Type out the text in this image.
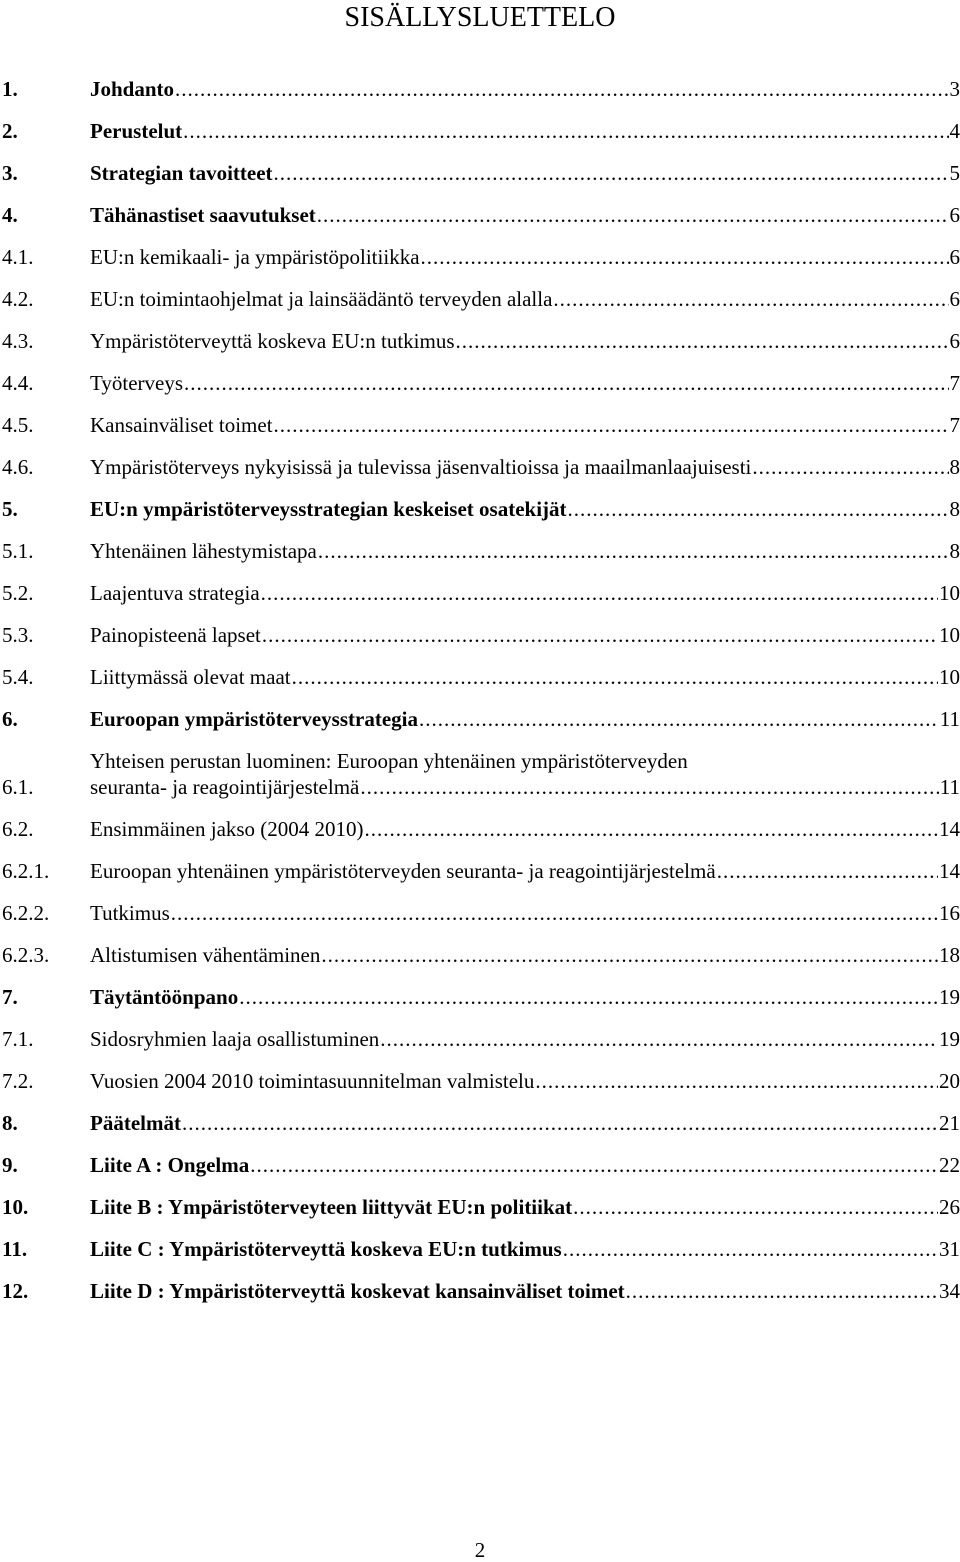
SISÄLLYSLUETTELO
1.	Johdanto .....	3
2.	Perustelut .....	4
3.	Strategian tavoitteet .....	5
4.	Tähänastiset saavutukset .....	6
4.1.	EU:n kemikaali- ja ympäristöpolitiikka .....	6
4.2.	EU:n toimintaohjelmat ja lainsäädäntö terveyden alalla .....	6
4.3.	Ympäristöterveyttä koskeva EU:n tutkimus .....	6
4.4.	Työterveys .....	7
4.5.	Kansainväliset toimet .....	7
4.6.	Ympäristöterveys nykyisissä ja tulevissa jäsenvaltioissa ja maailmanlaajuisesti .....	8
5.	EU:n ympäristöterveysstrategian keskeiset osatekijät .....	8
5.1.	Yhtenäinen lähestymistapa .....	8
5.2.	Laajentuva strategia .....	10
5.3.	Painopisteenä lapset .....	10
5.4.	Liittymässä olevat maat .....	10
6.	Euroopan ympäristöterveysstrategia .....	11
6.1.
Yhteisen perustan luominen: Euroopan yhtenäinen ympäristöterveyden
seuranta- ja reagointijärjestelmä .....	11
6.2.	Ensimmäinen jakso (2004 2010) .....	14
6.2.1.	Euroopan yhtenäinen ympäristöterveyden seuranta- ja reagointijärjestelmä .....	14
6.2.2.	Tutkimus .....	16
6.2.3.	Altistumisen vähentäminen .....	18
7.	Täytäntöönpano .....	19
7.1.	Sidosryhmien laaja osallistuminen .....	19
7.2.	Vuosien 2004 2010 toimintasuunnitelman valmistelu .....	20
8.	Päätelmät .....	21
9.	Liite A : Ongelma .....	22
10.	Liite B : Ympäristöterveyteen liittyvät EU:n politiikat .....	26
11.	Liite C : Ympäristöterveyttä koskeva EU:n tutkimus .....	31
12.	Liite D : Ympäristöterveyttä koskevat kansainväliset toimet .....	34
2
